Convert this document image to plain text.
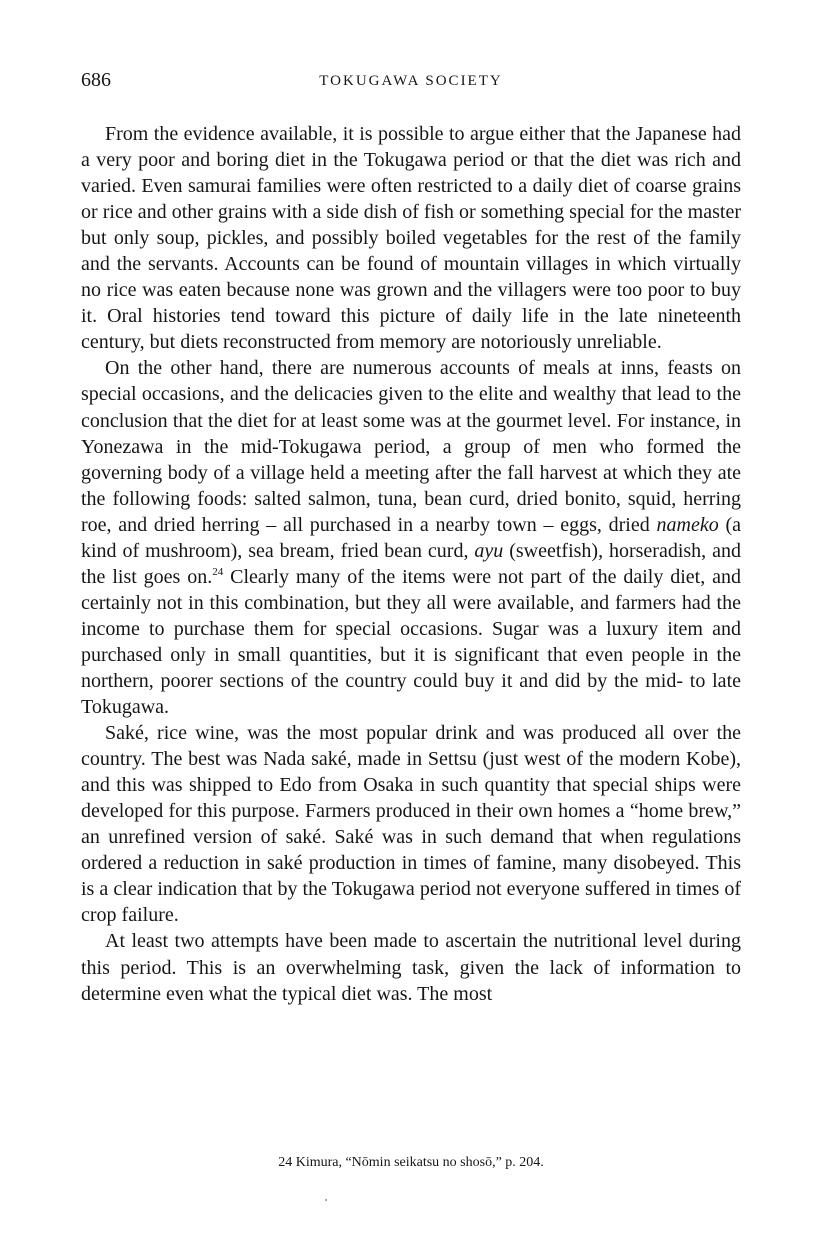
686	TOKUGAWA SOCIETY

From the evidence available, it is possible to argue either that the Japanese had a very poor and boring diet in the Tokugawa period or that the diet was rich and varied. Even samurai families were often restricted to a daily diet of coarse grains or rice and other grains with a side dish of fish or something special for the master but only soup, pickles, and possibly boiled vegetables for the rest of the family and the servants. Accounts can be found of mountain villages in which virtually no rice was eaten because none was grown and the villagers were too poor to buy it. Oral histories tend toward this picture of daily life in the late nineteenth century, but diets reconstructed from memory are notoriously unreliable.

On the other hand, there are numerous accounts of meals at inns, feasts on special occasions, and the delicacies given to the elite and wealthy that lead to the conclusion that the diet for at least some was at the gourmet level. For instance, in Yonezawa in the mid-Tokugawa period, a group of men who formed the governing body of a village held a meeting after the fall harvest at which they ate the following foods: salted salmon, tuna, bean curd, dried bonito, squid, herring roe, and dried herring – all purchased in a nearby town – eggs, dried nameko (a kind of mushroom), sea bream, fried bean curd, ayu (sweetfish), horseradish, and the list goes on.$^{24}$ Clearly many of the items were not part of the daily diet, and certainly not in this combination, but they all were available, and farmers had the income to purchase them for special occasions. Sugar was a luxury item and purchased only in small quantities, but it is significant that even people in the northern, poorer sections of the country could buy it and did by the mid- to late Tokugawa.

Saké, rice wine, was the most popular drink and was produced all over the country. The best was Nada saké, made in Settsu (just west of the modern Kobe), and this was shipped to Edo from Osaka in such quantity that special ships were developed for this purpose. Farmers produced in their own homes a “home brew,” an unrefined version of saké. Saké was in such demand that when regulations ordered a reduction in saké production in times of famine, many disobeyed. This is a clear indication that by the Tokugawa period not everyone suffered in times of crop failure.

At least two attempts have been made to ascertain the nutritional level during this period. This is an overwhelming task, given the lack of information to determine even what the typical diet was. The most

24 Kimura, “Nōmin seikatsu no shosō,” p. 204.
